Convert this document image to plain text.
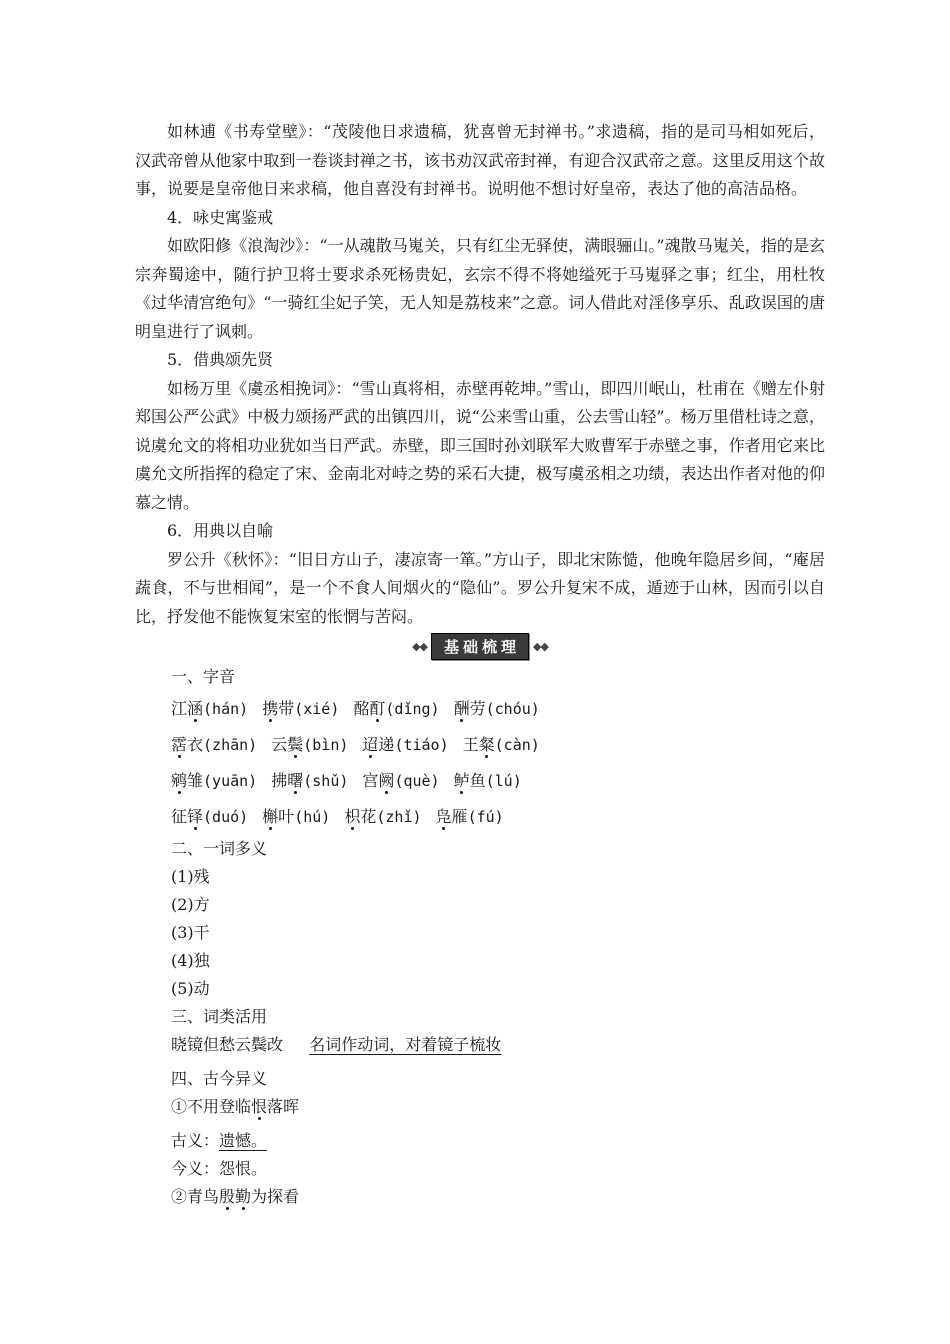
如林逋《书寿堂壁》：“茂陵他日求遗稿，犹喜曾无封禅书。”求遗稿，指的是司马相如死后， 汉武帝曾从他家中取到一卷谈封禅之书，该书劝汉武帝封禅，有迎合汉武帝之意。这里反用这个故事，说要是皇帝他日来求稿，他自喜没有封禅书。说明他不想讨好皇帝，表达了他的高洁品格。

4．咏史寓鉴戒

如欧阳修《浪淘沙》：“一从魂散马嵬关，只有红尘无驿使，满眼骊山。”魂散马嵬关，指的是玄宗奔蜀途中，随行护卫将士要求杀死杨贵妃，玄宗不得不将她缢死于马嵬驿之事；红尘，用杜牧《过华清宫绝句》“一骑红尘妃子笑，无人知是荔枝来”之意。词人借此对淫侈享乐、乱政误国的唐明皇进行了讽刺。

5．借典颂先贤

如杨万里《虞丞相挽词》：“雪山真将相，赤壁再乾坤。”雪山，即四川岷山，杜甫在《赠左仆射郑国公严公武》中极力颂扬严武的出镇四川，说“公来雪山重，公去雪山轻”。杨万里借杜诗之意，说虞允文的将相功业犹如当日严武。赤壁，即三国时孙刘联军大败曹军于赤壁之事，作者用它来比虞允文所指挥的稳定了宋、金南北对峙之势的采石大捷，极写虞丞相之功绩，表达出作者对他的仰慕之情。

6．用典以自喻

罗公升《秋怀》：“旧日方山子，凄凉寄一箪。”方山子，即北宋陈慥，他晚年隐居乡间，“庵居蔬食，不与世相闻”，是一个不食人间烟火的“隐仙”。罗公升复宋不成，遁迹于山林，因而引以自比，抒发他不能恢复宋室的怅惘与苦闷。

◆◆	基础梳理	◆◆
一、字音
江涵(hán) 携带(xié) 酩酊(dǐng) 酬劳(chóu)
霑衣(zhān) 云鬓(bìn) 迢递(tiáo) 王粲(càn)
鹓雏(yuān) 拂曙(shǔ) 宫阙(què) 鲈鱼(lú)
征铎(duó) 槲叶(hú) 枳花(zhǐ) 凫雁(fú)
二、一词多义
(1)残
(2)方
(3)干
(4)独
(5)动
三、词类活用
晓镜但愁云鬓改 名词作动词，对着镜子梳妆
四、古今异义
①不用登临恨落晖
古义：遗憾。
今义：怨恨。
②青鸟殷勤为探看
